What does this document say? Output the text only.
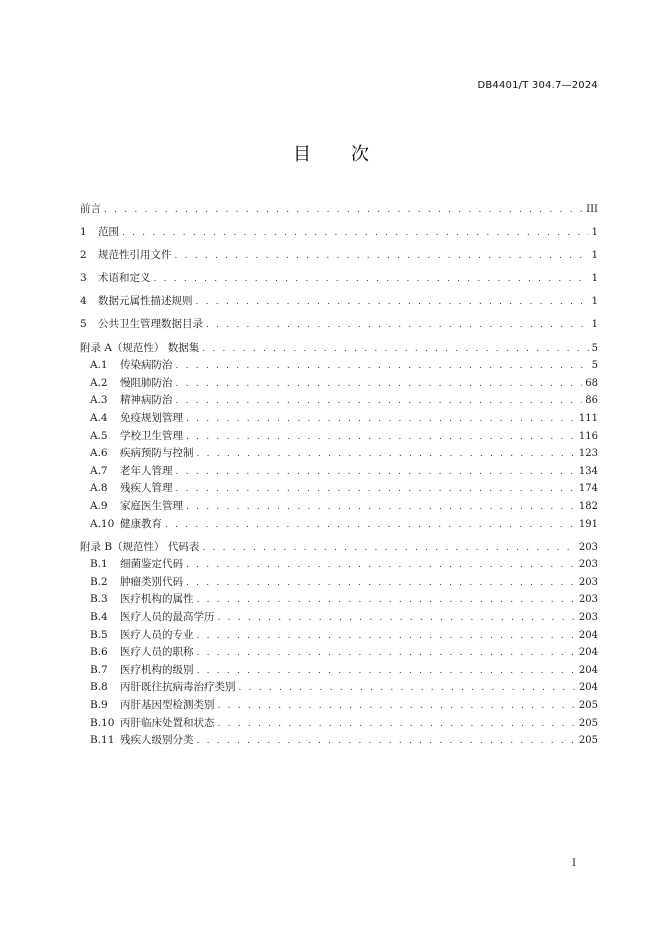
DB4401/T 304.7—2024
目 次
前言 . . .	III
1	范围 . . .	1
2	规范性引用文件 . . .	1
3	术语和定义 . . .	1
4	数据元属性描述规则 . . .	1
5	公共卫生管理数据目录 . . .	1
附录 A（规范性） 数据集 . . .	5
A.1	传染病防治 . . .	5
A.2	慢阻肺防治 . . .	68
A.3	精神病防治 . . .	86
A.4	免疫规划管理 . . .	111
A.5	学校卫生管理 . . .	116
A.6	疾病预防与控制 . . .	123
A.7	老年人管理 . . .	134
A.8	残疾人管理 . . .	174
A.9	家庭医生管理 . . .	182
A.10 健康教育 . . .	191
附录 B（规范性） 代码表 . . .	203
B.1	细菌鉴定代码 . . .	203
B.2	肿瘤类别代码 . . .	203
B.3	医疗机构的属性 . . .	203
B.4	医疗人员的最高学历 . . .	203
B.5	医疗人员的专业 . . .	204
B.6	医疗人员的职称 . . .	204
B.7	医疗机构的级别 . . .	204
B.8	丙肝既往抗病毒治疗类别 . . .	204
B.9	丙肝基因型检测类别 . . .	205
B.10 丙肝临床处置和状态 . . .	205
B.11 残疾人级别分类 . . .	205
I
